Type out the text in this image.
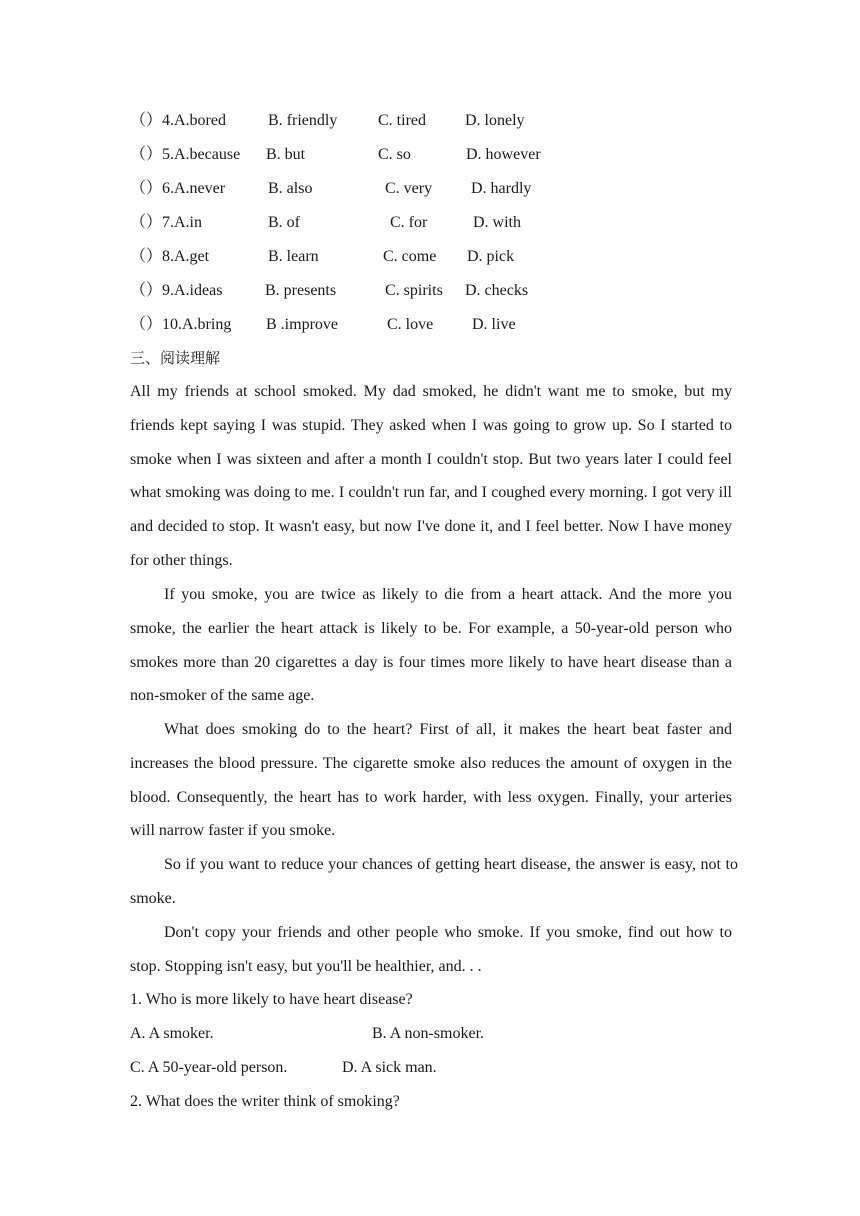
（）4.A.bored	B. friendly	C. tired D. lonely
（）5.A.because B. but	C. so	D. however
（）6.A.never	B. also	C. very D. hardly
（）7.A.in	B. of	C. for	D. with
（）8.A.get	B. learn	C. come D. pick
（）9.A.ideas	B. presents	C. spirits D. checks
（）10.A.bring B .improve	C. love D. live
三、阅读理解
All my friends at school smoked. My dad smoked, he didn't want me to smoke, but my friends kept saying I was stupid. They asked when I was going to grow up. So I started to smoke when I was sixteen and after a month I couldn't stop. But two years later I could feel what smoking was doing to me. I couldn't run far, and I coughed every morning. I got very ill and decided to stop. It wasn't easy, but now I've done it, and I feel better. Now I have money for other things.
If you smoke, you are twice as likely to die from a heart attack. And the more you smoke, the earlier the heart attack is likely to be. For example, a 50-year-old person who smokes more than 20 cigarettes a day is four times more likely to have heart disease than a non-smoker of the same age.
What does smoking do to the heart? First of all, it makes the heart beat faster and increases the blood pressure. The cigarette smoke also reduces the amount of oxygen in the blood. Consequently, the heart has to work harder, with less oxygen. Finally, your arteries will narrow faster if you smoke.
So if you want to reduce your chances of getting heart disease, the answer is easy, not to smoke.
Don't copy your friends and other people who smoke. If you smoke, find out how to stop. Stopping isn't easy, but you'll be healthier, and. . .
1. Who is more likely to have heart disease?
A. A smoker.	B. A non-smoker.
C. A 50-year-old person.	D. A sick man.
2. What does the writer think of smoking?
